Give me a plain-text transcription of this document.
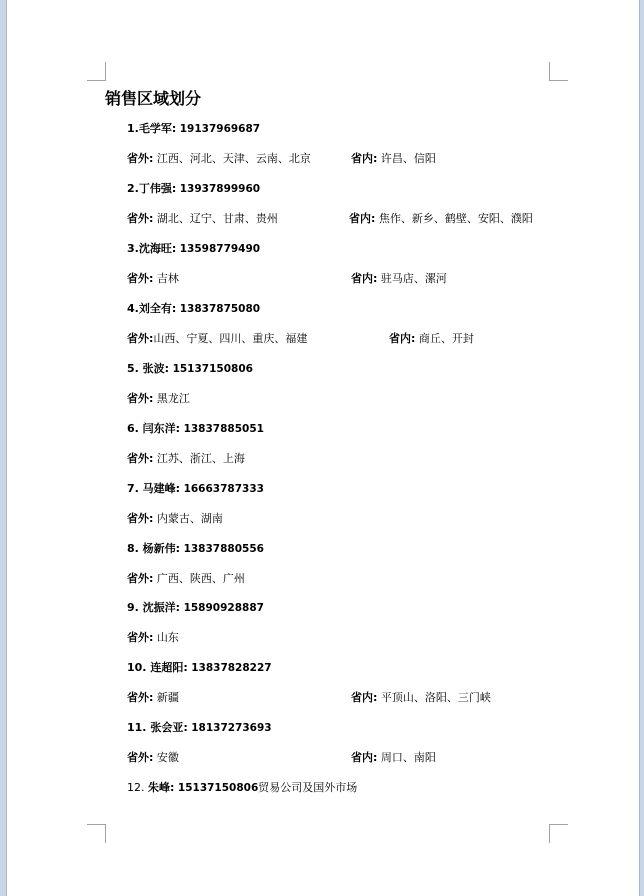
销售区域划分
1.毛学军: 19137969687
省外: 江西、河北、天津、云南、北京	省内: 许昌、信阳
2.丁伟强: 13937899960
省外: 湖北、辽宁、甘肃、贵州	省内: 焦作、新乡、鹤壁、安阳、濮阳
3.沈海旺: 13598779490
省外: 吉林	省内: 驻马店、漯河
4.刘全有: 13837875080
省外:山西、宁夏、四川、重庆、福建	省内: 商丘、开封
5. 张波: 15137150806
省外: 黑龙江
6. 闫东洋: 13837885051
省外: 江苏、浙江、上海
7. 马建峰: 16663787333
省外: 内蒙古、湖南
8. 杨新伟: 13837880556
省外: 广西、陕西、广州
9. 沈振洋: 15890928887
省外: 山东
10. 连超阳: 13837828227
省外: 新疆	省内: 平顶山、洛阳、三门峡
11. 张会亚: 18137273693
省外: 安徽	省内: 周口、南阳
12. 朱峰: 15137150806贸易公司及国外市场
